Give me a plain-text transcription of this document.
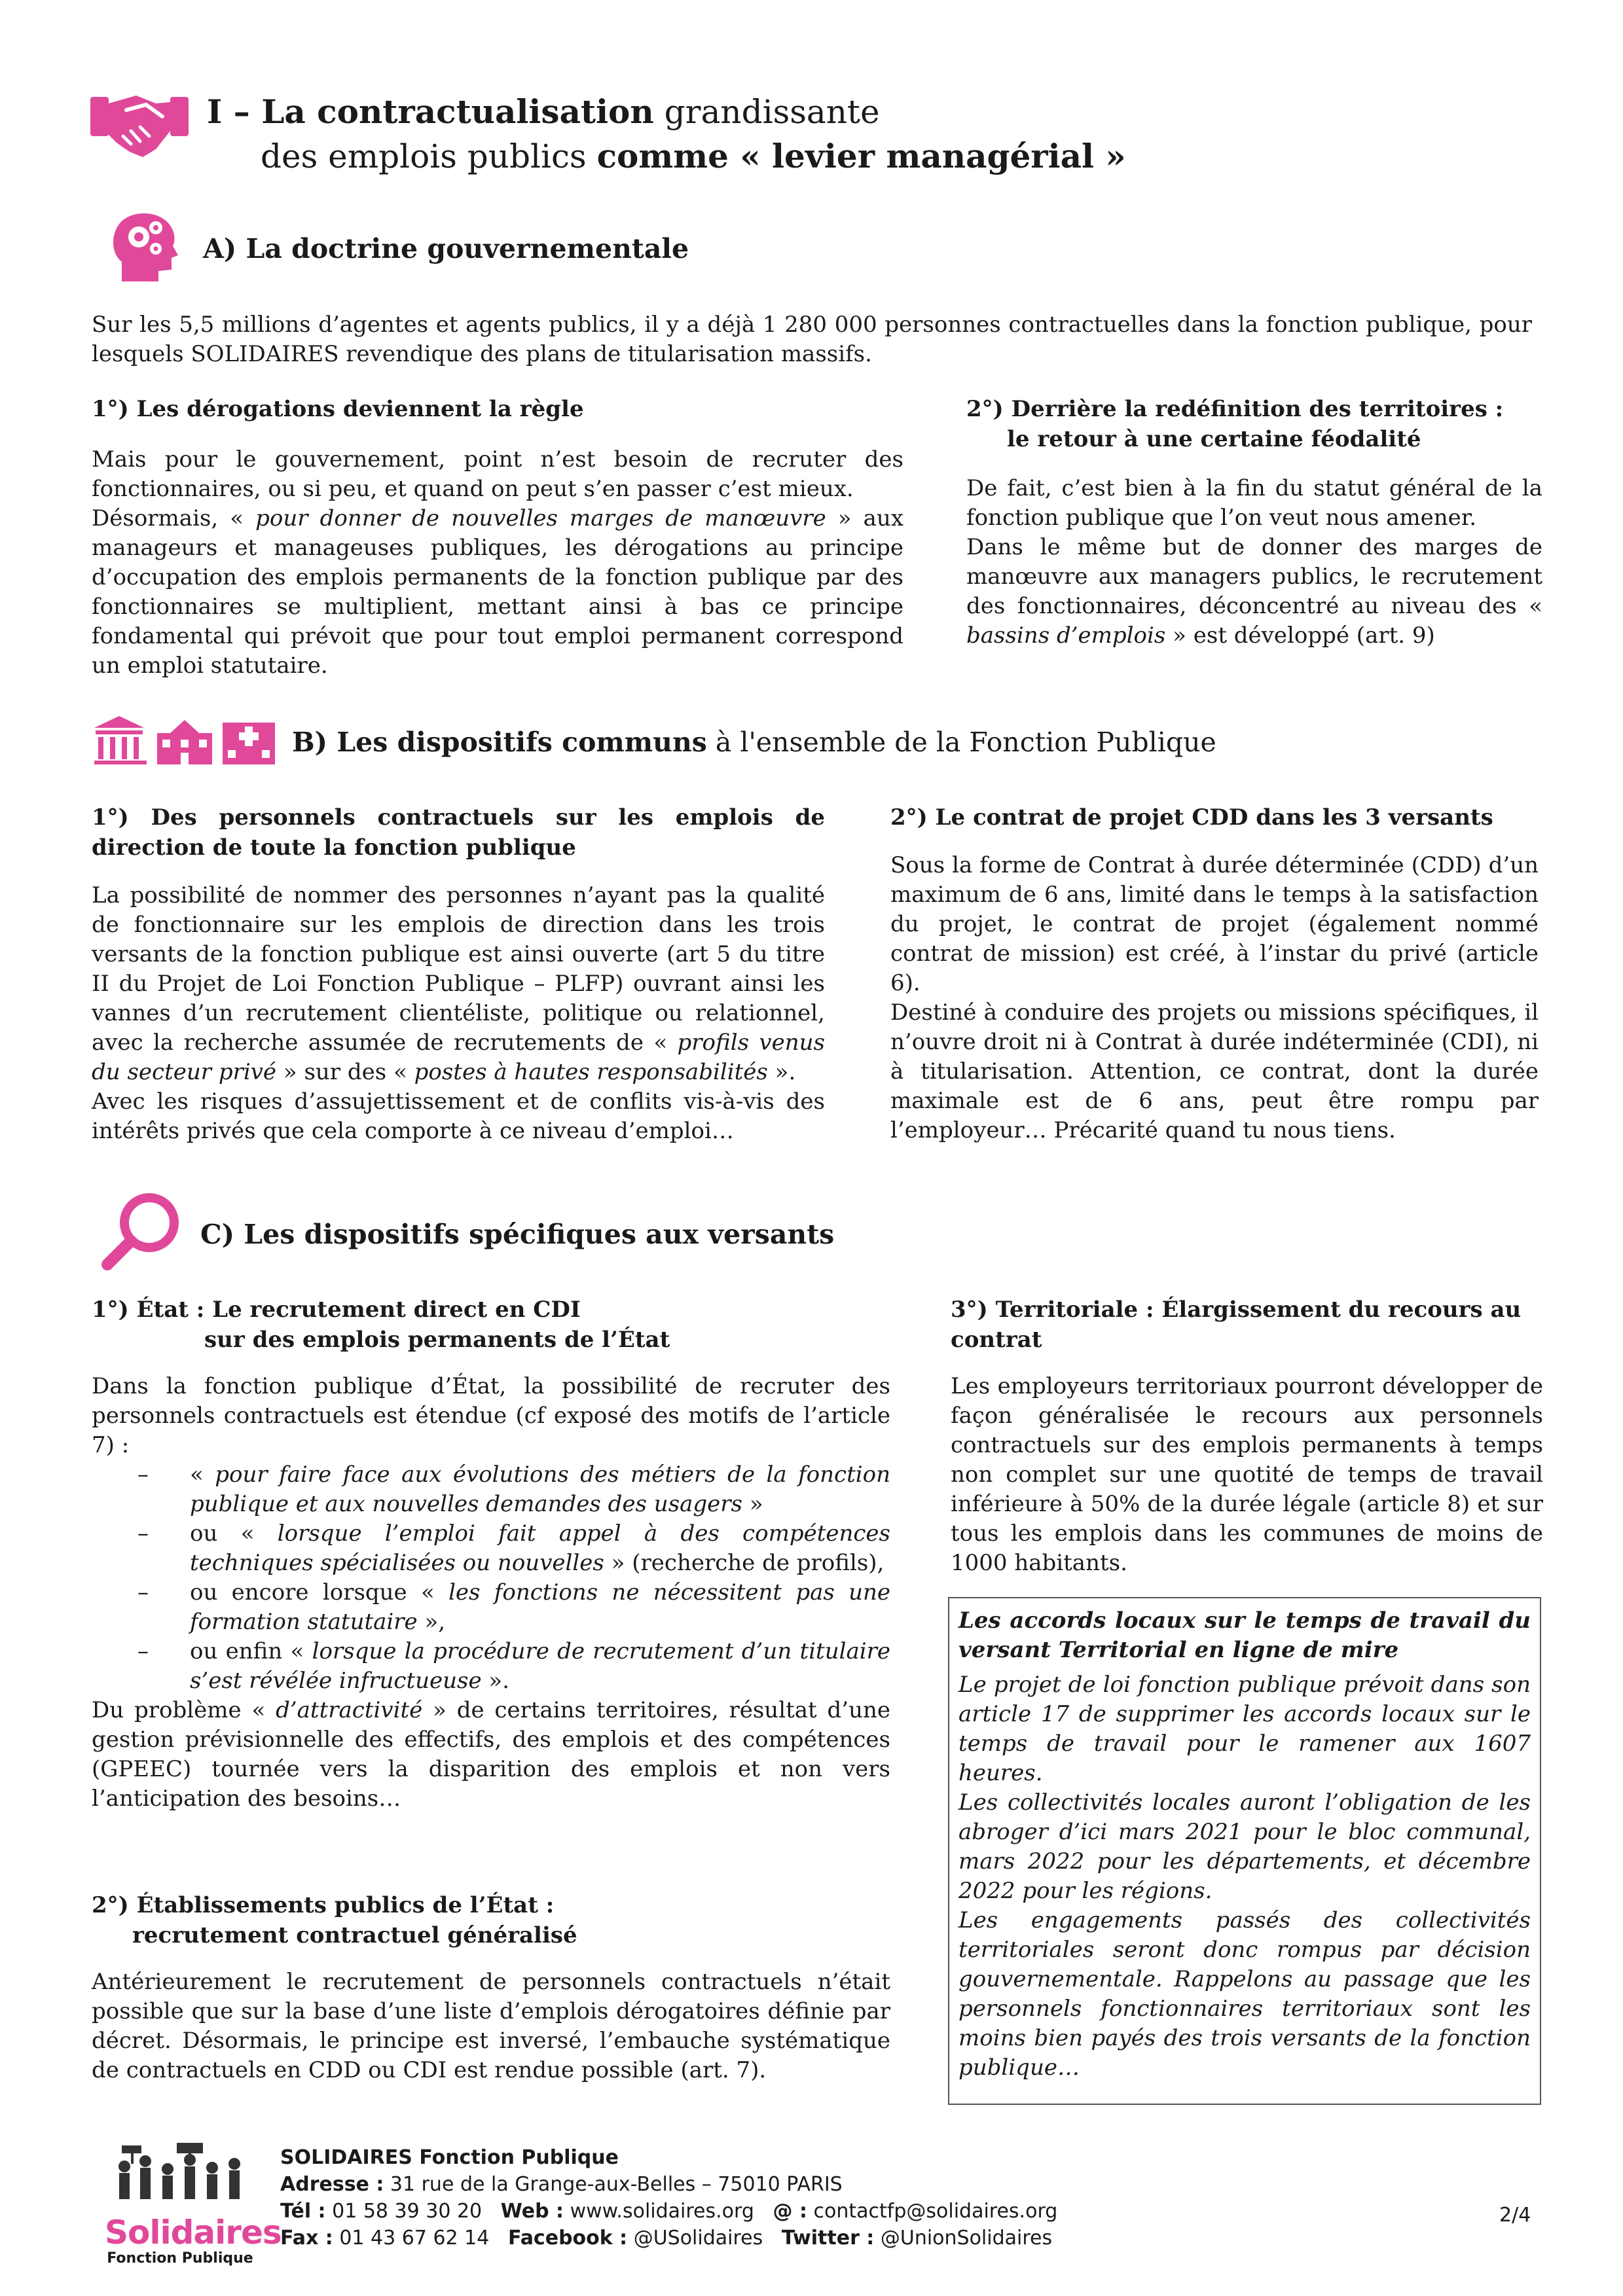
I – La contractualisation grandissante
des emplois publics comme « levier managérial »
A) La doctrine gouvernementale
Sur les 5,5 millions d’agentes et agents publics, il y a déjà 1 280 000 personnes contractuelles dans la fonction publique, pour lesquels SOLIDAIRES revendique des plans de titularisation massifs.
1°) Les dérogations deviennent la règle

Mais pour le gouvernement, point n’est besoin de recruter des fonctionnaires, ou si peu, et quand on peut s’en passer c’est mieux.

Désormais, « pour donner de nouvelles marges de manœuvre » aux manageurs et manageuses publiques, les dérogations au principe d’occupation des emplois permanents de la fonction publique par des fonctionnaires se multiplient, mettant ainsi à bas ce principe fondamental qui prévoit que pour tout emploi permanent correspond un emploi statutaire.

2°) Derrière la redéfinition des territoires :
le retour à une certaine féodalité

De fait, c’est bien à la fin du statut général de la fonction publique que l’on veut nous amener.

Dans le même but de donner des marges de manœuvre aux managers publics, le recrutement des fonctionnaires, déconcentré au niveau des « bassins d’emplois » est développé (art. 9)

B) Les dispositifs communs à l'ensemble de la Fonction Publique
1°) Des personnels contractuels sur les emplois de direction de toute la fonction publique

La possibilité de nommer des personnes n’ayant pas la qualité de fonctionnaire sur les emplois de direction dans les trois versants de la fonction publique est ainsi ouverte (art 5 du titre II du Projet de Loi Fonction Publique – PLFP) ouvrant ainsi les vannes d’un recrutement clientéliste, politique ou relationnel, avec la recherche assumée de recrutements de « profils venus du secteur privé » sur des « postes à hautes responsabilités ».

Avec les risques d’assujettissement et de conflits vis-à-vis des intérêts privés que cela comporte à ce niveau d’emploi…

2°) Le contrat de projet CDD dans les 3 versants

Sous la forme de Contrat à durée déterminée (CDD) d’un maximum de 6 ans, limité dans le temps à la satisfaction du projet, le contrat de projet (également nommé contrat de mission) est créé, à l’instar du privé (article 6).

Destiné à conduire des projets ou missions spécifiques, il n’ouvre droit ni à Contrat à durée indéterminée (CDI), ni à titularisation. Attention, ce contrat, dont la durée maximale est de 6 ans, peut être rompu par l’employeur… Précarité quand tu nous tiens.

C) Les dispositifs spécifiques aux versants
1°) État : Le recrutement direct en CDI
sur des emplois permanents de l’État

Dans la fonction publique d’État, la possibilité de recruter des personnels contractuels est étendue (cf exposé des motifs de l’article 7) :

– « pour faire face aux évolutions des métiers de la fonction publique et aux nouvelles demandes des usagers »
– ou « lorsque l’emploi fait appel à des compétences techniques spécialisées ou nouvelles » (recherche de profils),
– ou encore lorsque « les fonctions ne nécessitent pas une formation statutaire »,
– ou enfin « lorsque la procédure de recrutement d’un titulaire s’est révélée infructueuse ».

Du problème « d’attractivité » de certains territoires, résultat d’une gestion prévisionnelle des effectifs, des emplois et des compétences (GPEEC) tournée vers la disparition des emplois et non vers l’anticipation des besoins…

2°) Établissements publics de l’État :
recrutement contractuel généralisé
Antérieurement le recrutement de personnels contractuels n’était possible que sur la base d’une liste d’emplois dérogatoires définie par décret. Désormais, le principe est inversé, l’embauche systématique de contractuels en CDD ou CDI est rendue possible (art. 7).
3°) Territoriale : Élargissement du recours au contrat
Les employeurs territoriaux pourront développer de façon généralisée le recours aux personnels contractuels sur des emplois permanents à temps non complet sur une quotité de temps de travail inférieure à 50% de la durée légale (article 8) et sur tous les emplois dans les communes de moins de 1000 habitants.

Les accords locaux sur le temps de travail du versant Territorial en ligne de mire

Le projet de loi fonction publique prévoit dans son article 17 de supprimer les accords locaux sur le temps de travail pour le ramener aux 1607 heures.

Les collectivités locales auront l’obligation de les abroger d’ici mars 2021 pour le bloc communal, mars 2022 pour les départements, et décembre 2022 pour les régions.

Les engagements passés des collectivités territoriales seront donc rompus par décision gouvernementale. Rappelons au passage que les personnels fonctionnaires territoriaux sont les moins bien payés des trois versants de la fonction publique…

Solidaires
Fonction Publique
SOLIDAIRES Fonction Publique
Adresse : 31 rue de la Grange-aux-Belles – 75010 PARIS
Tél : 01 58 39 30 20 Web : www.solidaires.org @ : contactfp@solidaires.org
Fax : 01 43 67 62 14 Facebook : @USolidaires Twitter : @UnionSolidaires
2/4
